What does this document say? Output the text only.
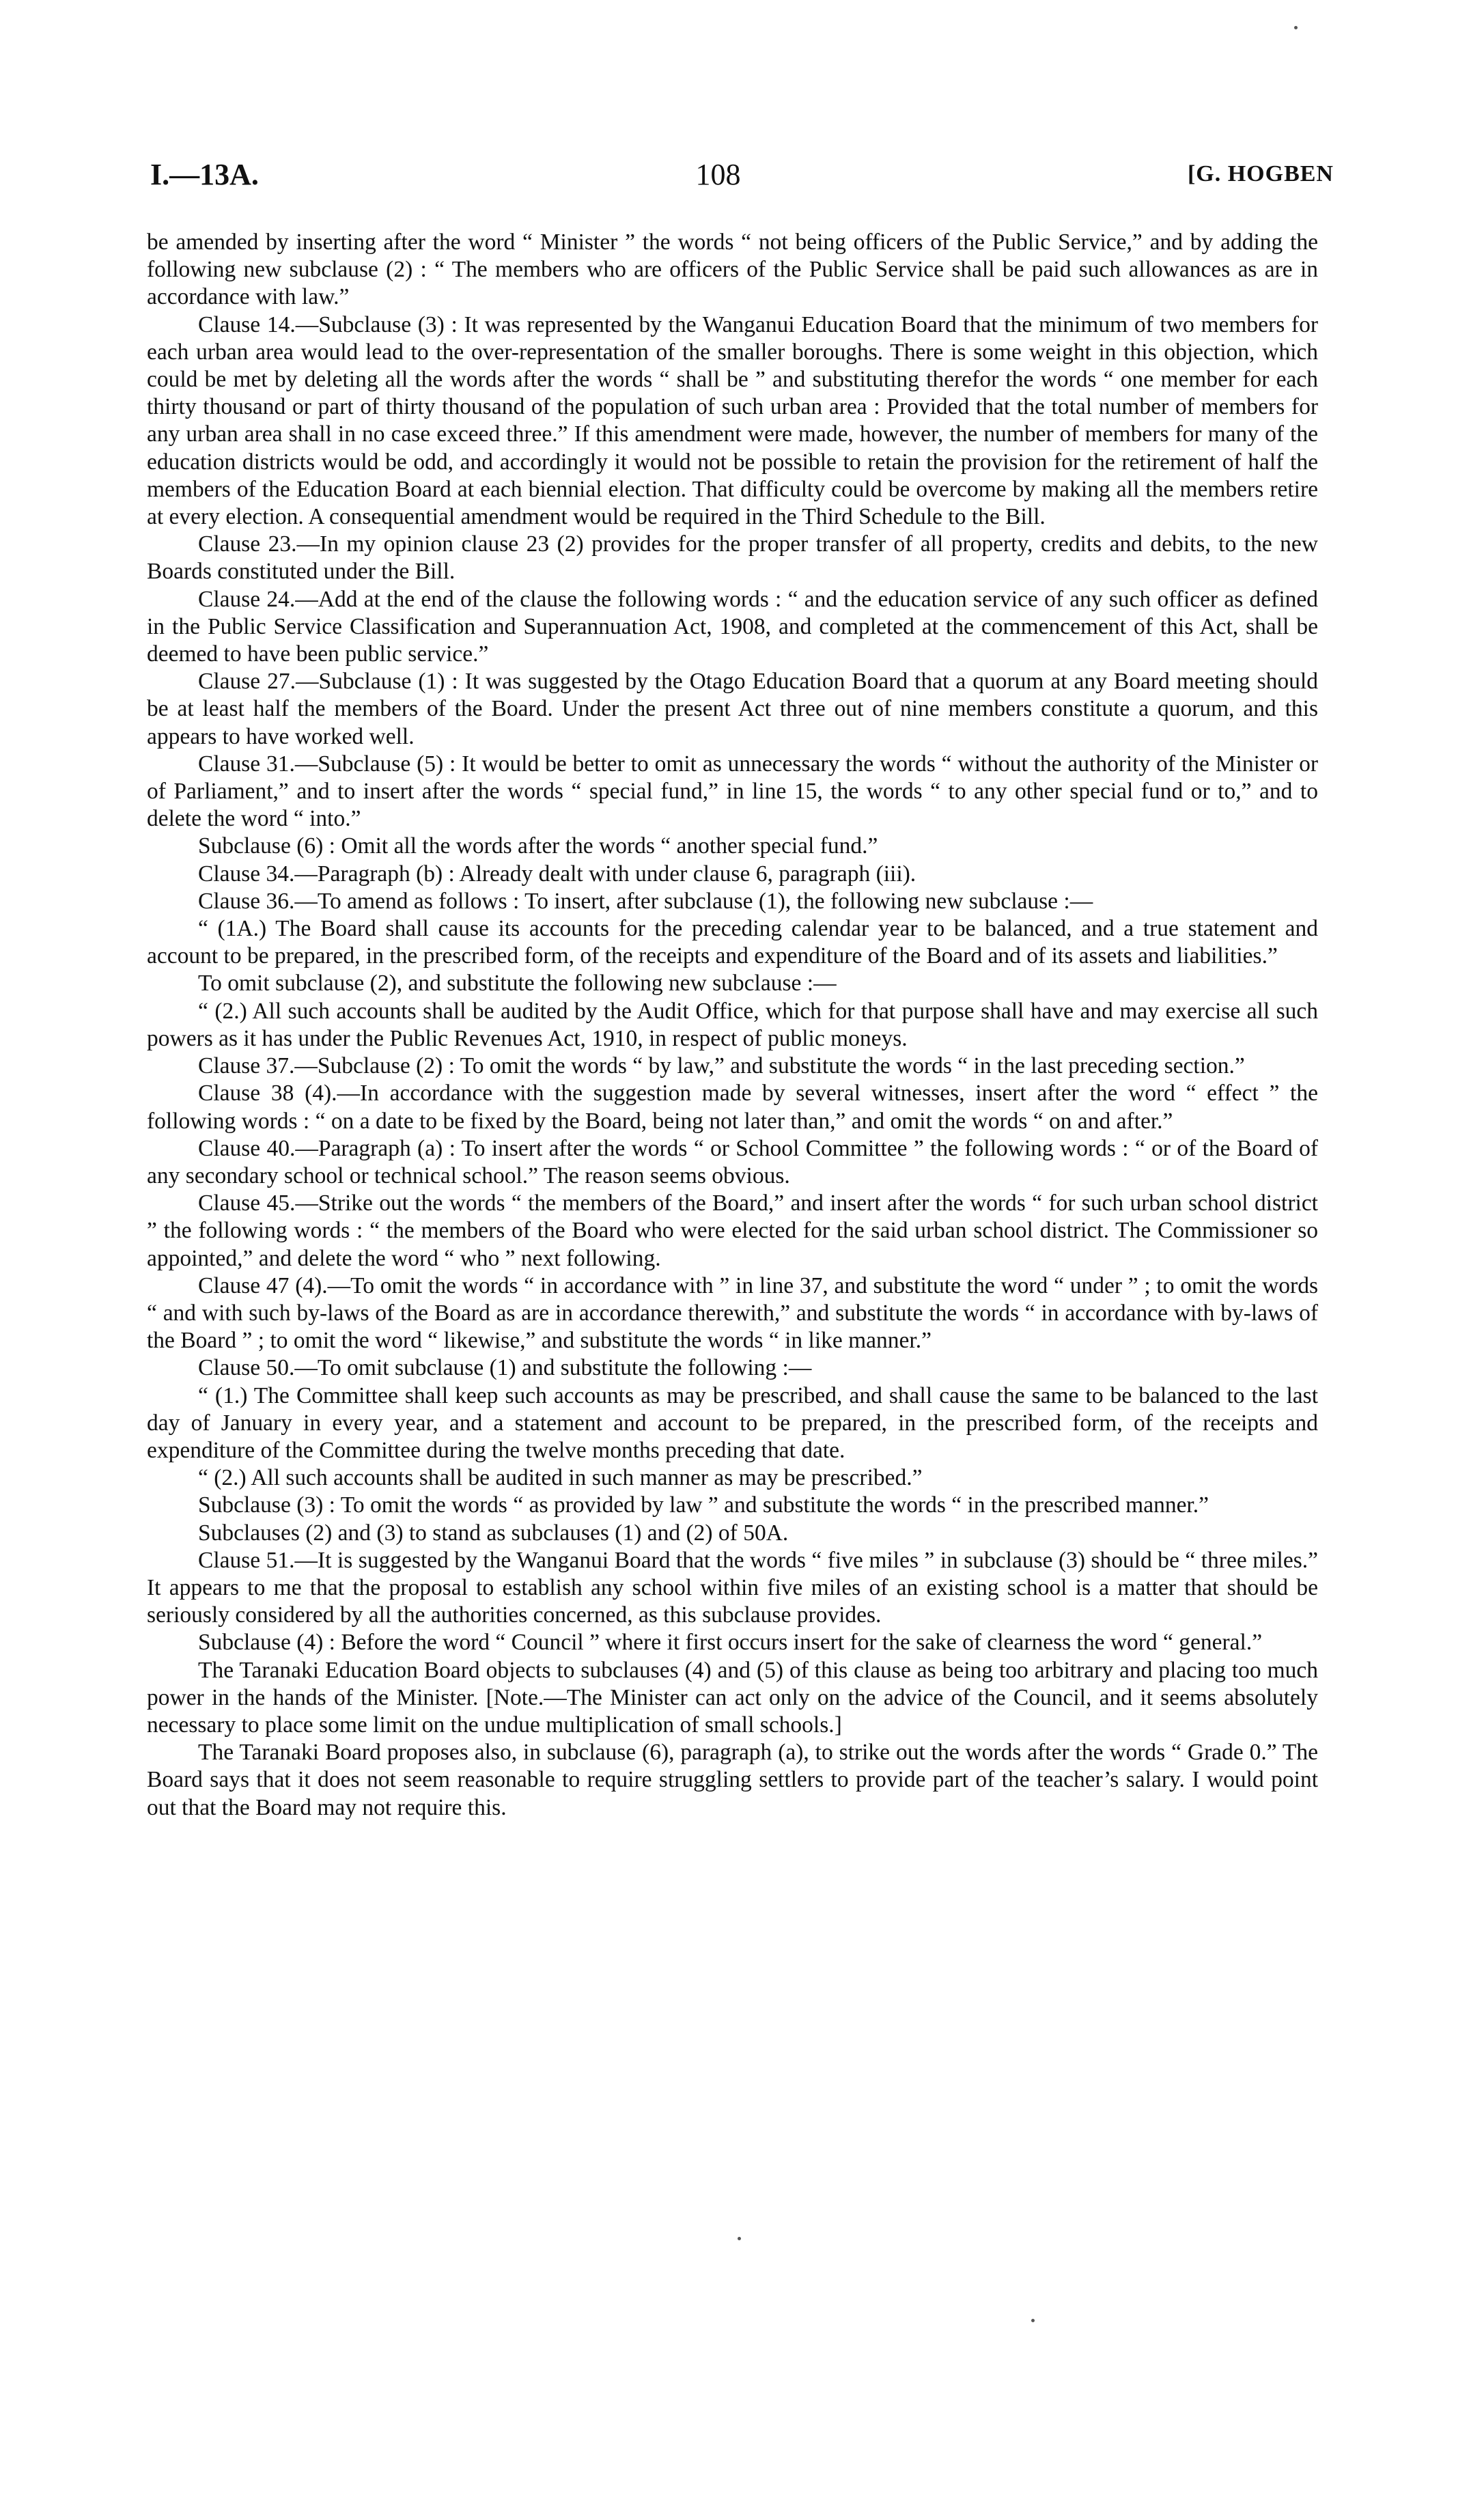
I.—13A.	108	[G. HOGBEN

be amended by inserting after the word “ Minister ” the words “ not being officers of the Public Service,” and by adding the following new subclause (2) : “ The members who are officers of the Public Service shall be paid such allowances as are in accordance with law.”

Clause 14.—Subclause (3) : It was represented by the Wanganui Education Board that the minimum of two members for each urban area would lead to the over-representation of the smaller boroughs. There is some weight in this objection, which could be met by deleting all the words after the words “ shall be ” and substituting therefor the words “ one member for each thirty thousand or part of thirty thousand of the population of such urban area : Provided that the total number of members for any urban area shall in no case exceed three.” If this amendment were made, however, the number of members for many of the education districts would be odd, and accordingly it would not be possible to retain the provision for the retirement of half the members of the Education Board at each biennial election. That difficulty could be overcome by making all the members retire at every election. A consequential amendment would be required in the Third Schedule to the Bill.

Clause 23.—In my opinion clause 23 (2) provides for the proper transfer of all property, credits and debits, to the new Boards constituted under the Bill.

Clause 24.—Add at the end of the clause the following words : “ and the education service of any such officer as defined in the Public Service Classification and Superannuation Act, 1908, and completed at the commencement of this Act, shall be deemed to have been public service.”

Clause 27.—Subclause (1) : It was suggested by the Otago Education Board that a quorum at any Board meeting should be at least half the members of the Board. Under the present Act three out of nine members constitute a quorum, and this appears to have worked well.

Clause 31.—Subclause (5) : It would be better to omit as unnecessary the words “ without the authority of the Minister or of Parliament,” and to insert after the words “ special fund,” in line 15, the words “ to any other special fund or to,” and to delete the word “ into.”

Subclause (6) : Omit all the words after the words “ another special fund.”

Clause 34.—Paragraph (b) : Already dealt with under clause 6, paragraph (iii).

Clause 36.—To amend as follows : To insert, after subclause (1), the following new subclause :—

“ (1A.) The Board shall cause its accounts for the preceding calendar year to be balanced, and a true statement and account to be prepared, in the prescribed form, of the receipts and expenditure of the Board and of its assets and liabilities.”

To omit subclause (2), and substitute the following new subclause :—

“ (2.) All such accounts shall be audited by the Audit Office, which for that purpose shall have and may exercise all such powers as it has under the Public Revenues Act, 1910, in respect of public moneys.

Clause 37.—Subclause (2) : To omit the words “ by law,” and substitute the words “ in the last preceding section.”

Clause 38 (4).—In accordance with the suggestion made by several witnesses, insert after the word “ effect ” the following words : “ on a date to be fixed by the Board, being not later than,” and omit the words “ on and after.”

Clause 40.—Paragraph (a) : To insert after the words “ or School Committee ” the following words : “ or of the Board of any secondary school or technical school.” The reason seems obvious.

Clause 45.—Strike out the words “ the members of the Board,” and insert after the words “ for such urban school district ” the following words : “ the members of the Board who were elected for the said urban school district. The Commissioner so appointed,” and delete the word “ who ” next following.

Clause 47 (4).—To omit the words “ in accordance with ” in line 37, and substitute the word “ under ” ; to omit the words “ and with such by-laws of the Board as are in accordance therewith,” and substitute the words “ in accordance with by-laws of the Board ” ; to omit the word “ likewise,” and substitute the words “ in like manner.”

Clause 50.—To omit subclause (1) and substitute the following :—

“ (1.) The Committee shall keep such accounts as may be prescribed, and shall cause the same to be balanced to the last day of January in every year, and a statement and account to be prepared, in the prescribed form, of the receipts and expenditure of the Committee during the twelve months preceding that date.

“ (2.) All such accounts shall be audited in such manner as may be prescribed.”

Subclause (3) : To omit the words “ as provided by law ” and substitute the words “ in the prescribed manner.”

Subclauses (2) and (3) to stand as subclauses (1) and (2) of 50A.

Clause 51.—It is suggested by the Wanganui Board that the words “ five miles ” in subclause (3) should be “ three miles.” It appears to me that the proposal to establish any school within five miles of an existing school is a matter that should be seriously considered by all the authorities concerned, as this subclause provides.

Subclause (4) : Before the word “ Council ” where it first occurs insert for the sake of clearness the word “ general.”

The Taranaki Education Board objects to subclauses (4) and (5) of this clause as being too arbitrary and placing too much power in the hands of the Minister. [Note.—The Minister can act only on the advice of the Council, and it seems absolutely necessary to place some limit on the undue multiplication of small schools.]

The Taranaki Board proposes also, in subclause (6), paragraph (a), to strike out the words after the words “ Grade 0.” The Board says that it does not seem reasonable to require struggling settlers to provide part of the teacher’s salary. I would point out that the Board may not require this.
